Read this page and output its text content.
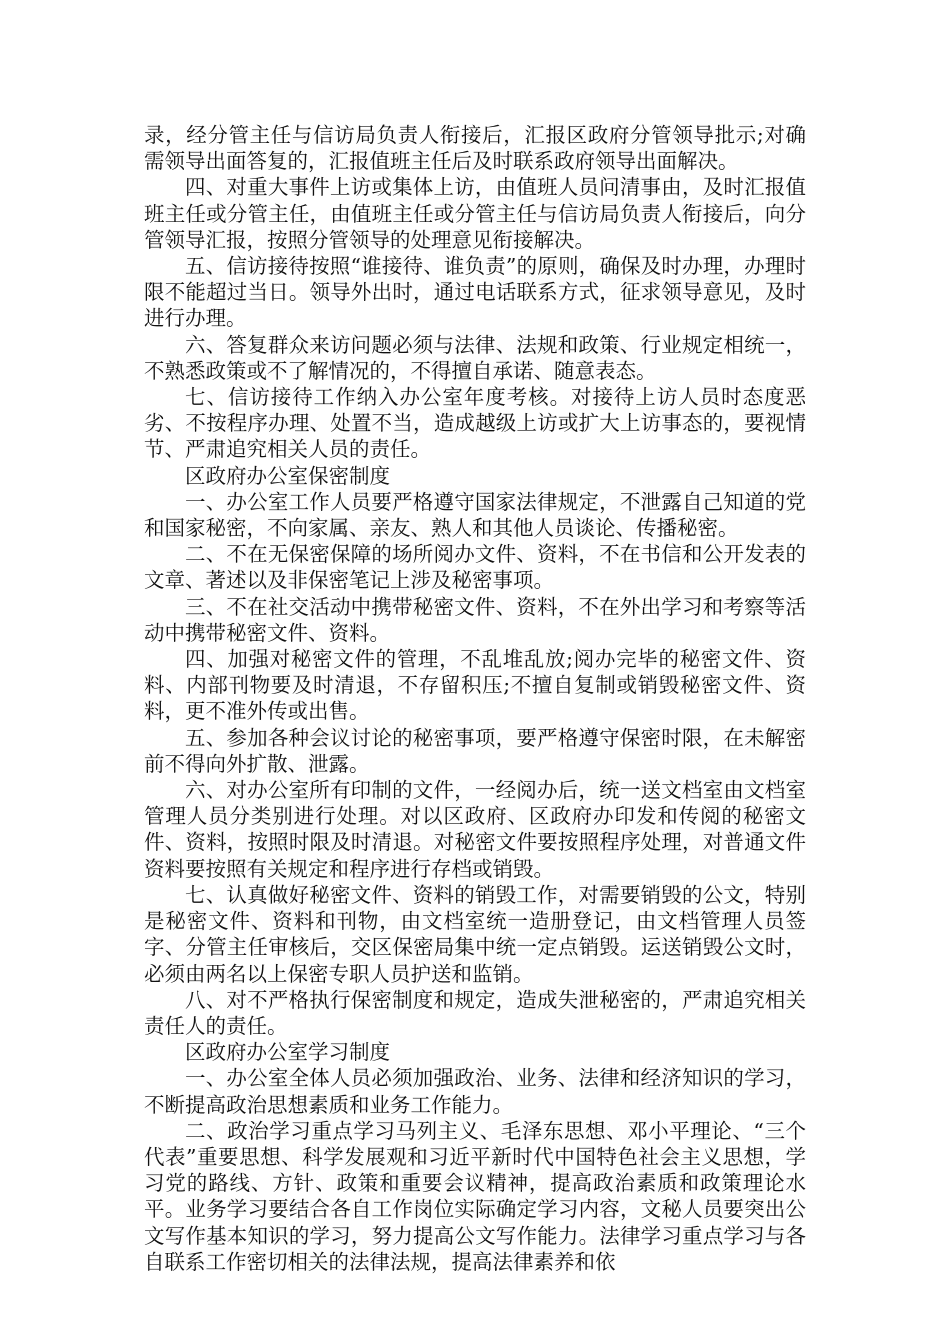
录，经分管主任与信访局负责人衔接后，汇报区政府分管领导批示;对确需领导出面答复的，汇报值班主任后及时联系政府领导出面解决。

四、对重大事件上访或集体上访，由值班人员问清事由，及时汇报值班主任或分管主任，由值班主任或分管主任与信访局负责人衔接后，向分管领导汇报，按照分管领导的处理意见衔接解决。

五、信访接待按照“谁接待、谁负责”的原则，确保及时办理，办理时限不能超过当日。领导外出时，通过电话联系方式，征求领导意见，及时进行办理。

六、答复群众来访问题必须与法律、法规和政策、行业规定相统一，不熟悉政策或不了解情况的，不得擅自承诺、随意表态。

七、信访接待工作纳入办公室年度考核。对接待上访人员时态度恶劣、不按程序办理、处置不当，造成越级上访或扩大上访事态的，要视情节、严肃追究相关人员的责任。

区政府办公室保密制度

一、办公室工作人员要严格遵守国家法律规定，不泄露自己知道的党和国家秘密，不向家属、亲友、熟人和其他人员谈论、传播秘密。

二、不在无保密保障的场所阅办文件、资料，不在书信和公开发表的文章、著述以及非保密笔记上涉及秘密事项。

三、不在社交活动中携带秘密文件、资料，不在外出学习和考察等活动中携带秘密文件、资料。

四、加强对秘密文件的管理，不乱堆乱放;阅办完毕的秘密文件、资料、内部刊物要及时清退，不存留积压;不擅自复制或销毁秘密文件、资料，更不准外传或出售。

五、参加各种会议讨论的秘密事项，要严格遵守保密时限，在未解密前不得向外扩散、泄露。

六、对办公室所有印制的文件，一经阅办后，统一送文档室由文档室管理人员分类别进行处理。对以区政府、区政府办印发和传阅的秘密文件、资料，按照时限及时清退。对秘密文件要按照程序处理，对普通文件资料要按照有关规定和程序进行存档或销毁。

七、认真做好秘密文件、资料的销毁工作，对需要销毁的公文，特别是秘密文件、资料和刊物，由文档室统一造册登记，由文档管理人员签字、分管主任审核后，交区保密局集中统一定点销毁。运送销毁公文时，必须由两名以上保密专职人员护送和监销。

八、对不严格执行保密制度和规定，造成失泄秘密的，严肃追究相关责任人的责任。

区政府办公室学习制度

一、办公室全体人员必须加强政治、业务、法律和经济知识的学习，不断提高政治思想素质和业务工作能力。

二、政治学习重点学习马列主义、毛泽东思想、邓小平理论、“三个代表”重要思想、科学发展观和习近平新时代中国特色社会主义思想，学习党的路线、方针、政策和重要会议精神，提高政治素质和政策理论水平。业务学习要结合各自工作岗位实际确定学习内容，文秘人员要突出公文写作基本知识的学习，努力提高公文写作能力。法律学习重点学习与各自联系工作密切相关的法律法规，提高法律素养和依
